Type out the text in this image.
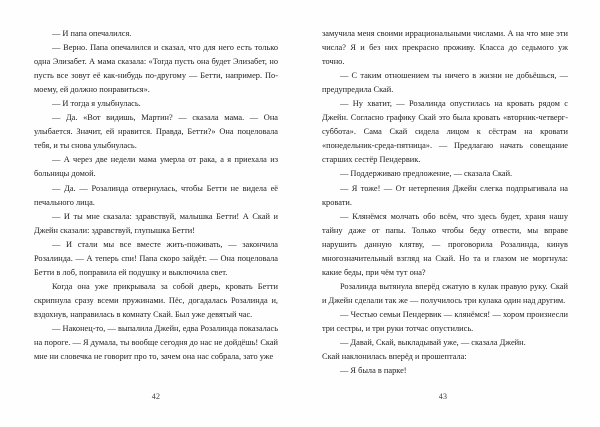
— И папа опечалился.

— Верно. Папа опечалился и сказал, что для него есть только одна Элизабет. А мама сказала: «Тогда пусть она будет Элизабет, но пусть все зовут её как-нибудь по-другому — Бетти, например. По-моему, ей должно понравиться».

— И тогда я улыбнулась.

— Да. «Вот видишь, Мартин? — сказала мама. — Она улыбается. Значит, ей нравится. Правда, Бетти?» Она поцеловала тебя, и ты снова улыбнулась.

— А через две недели мама умерла от рака, а я приехала из больницы домой.

— Да. — Розалинда отвернулась, чтобы Бетти не видела её печального лица.

— И ты мне сказала: здравствуй, малышка Бетти! А Скай и Джейн сказали: здравствуй, глупышка Бетти!

— И стали мы все вместе жить-поживать, — закончила Розалинда. — А теперь спи! Папа скоро зайдёт. — Она поцеловала Бетти в лоб, поправила ей подушку и выключила свет.

Когда она уже прикрывала за собой дверь, кровать Бетти скрипнула сразу всеми пружинами. Пёс, догадалась Розалинда и, вздохнув, направилась в комнату Скай. Был уже девятый час.

— Наконец-то, — выпалила Джейн, едва Розалинда показалась на пороге. — Я думала, ты вообще сегодня до нас не дойдёшь! Скай мне ни словечка не говорит про то, зачем она нас собрала, зато уже

42

замучила меня своими иррациональными числами. А на что мне эти числа? Я и без них прекрасно проживу. Класса до седьмого уж точно.

— С таким отношением ты ничего в жизни не добьёшься, — предупредила Скай.

— Ну хватит, — Розалинда опустилась на кровать рядом с Джейн. Согласно графику Скай это была кровать «вторник-четверг-суббота». Сама Скай сидела лицом к сёстрам на кровати «понедельник-среда-пятница». — Предлагаю начать совещание старших сестёр Пендервик.

— Поддерживаю предложение, — сказала Скай.

— Я тоже! — От нетерпения Джейн слегка подпрыгивала на кровати.

— Клянёмся молчать обо всём, что здесь будет, храня нашу тайну даже от папы. Только чтобы беду отвести, мы вправе нарушить данную клятву, — проговорила Розалинда, кинув многозначительный взгляд на Скай. Но та и глазом не моргнула: какие беды, при чём тут она?

Розалинда вытянула вперёд сжатую в кулак правую руку. Скай и Джейн сделали так же — получилось три кулака один над другим.

— Честью семьи Пендервик — клянёмся! — хором произнесли три сестры, и три руки тотчас опустились.

— Давай, Скай, выкладывай уже, — сказала Джейн.

Скай наклонилась вперёд и прошептала:

— Я была в парке!

43
